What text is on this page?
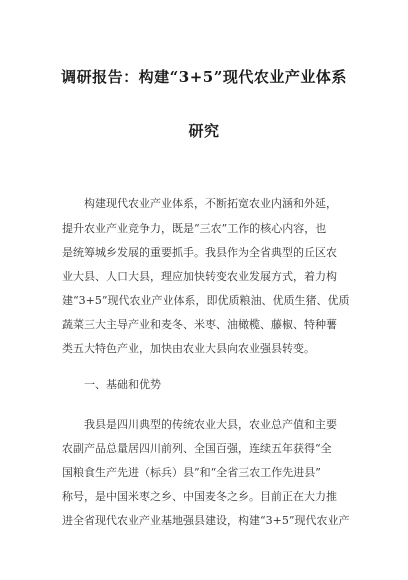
调研报告：构建“3+5”现代农业产业体系
研究
构建现代农业产业体系，不断拓宽农业内涵和外延，
提升农业产业竞争力，既是“三农”工作的核心内容，也
是统筹城乡发展的重要抓手。我县作为全省典型的丘区农
业大县、人口大县，理应加快转变农业发展方式，着力构
建“3+5”现代农业产业体系，即优质粮油、优质生猪、优质
蔬菜三大主导产业和麦冬、米枣、油橄榄、藤椒、特种薯
类五大特色产业，加快由农业大县向农业强县转变。
一、基础和优势
我县是四川典型的传统农业大县，农业总产值和主要
农副产品总量居四川前列、全国百强，连续五年获得“全
国粮食生产先进（标兵）县”和“全省三农工作先进县”
称号，是中国米枣之乡、中国麦冬之乡。目前正在大力推
进全省现代农业产业基地强县建设，构建“3+5”现代农业产
